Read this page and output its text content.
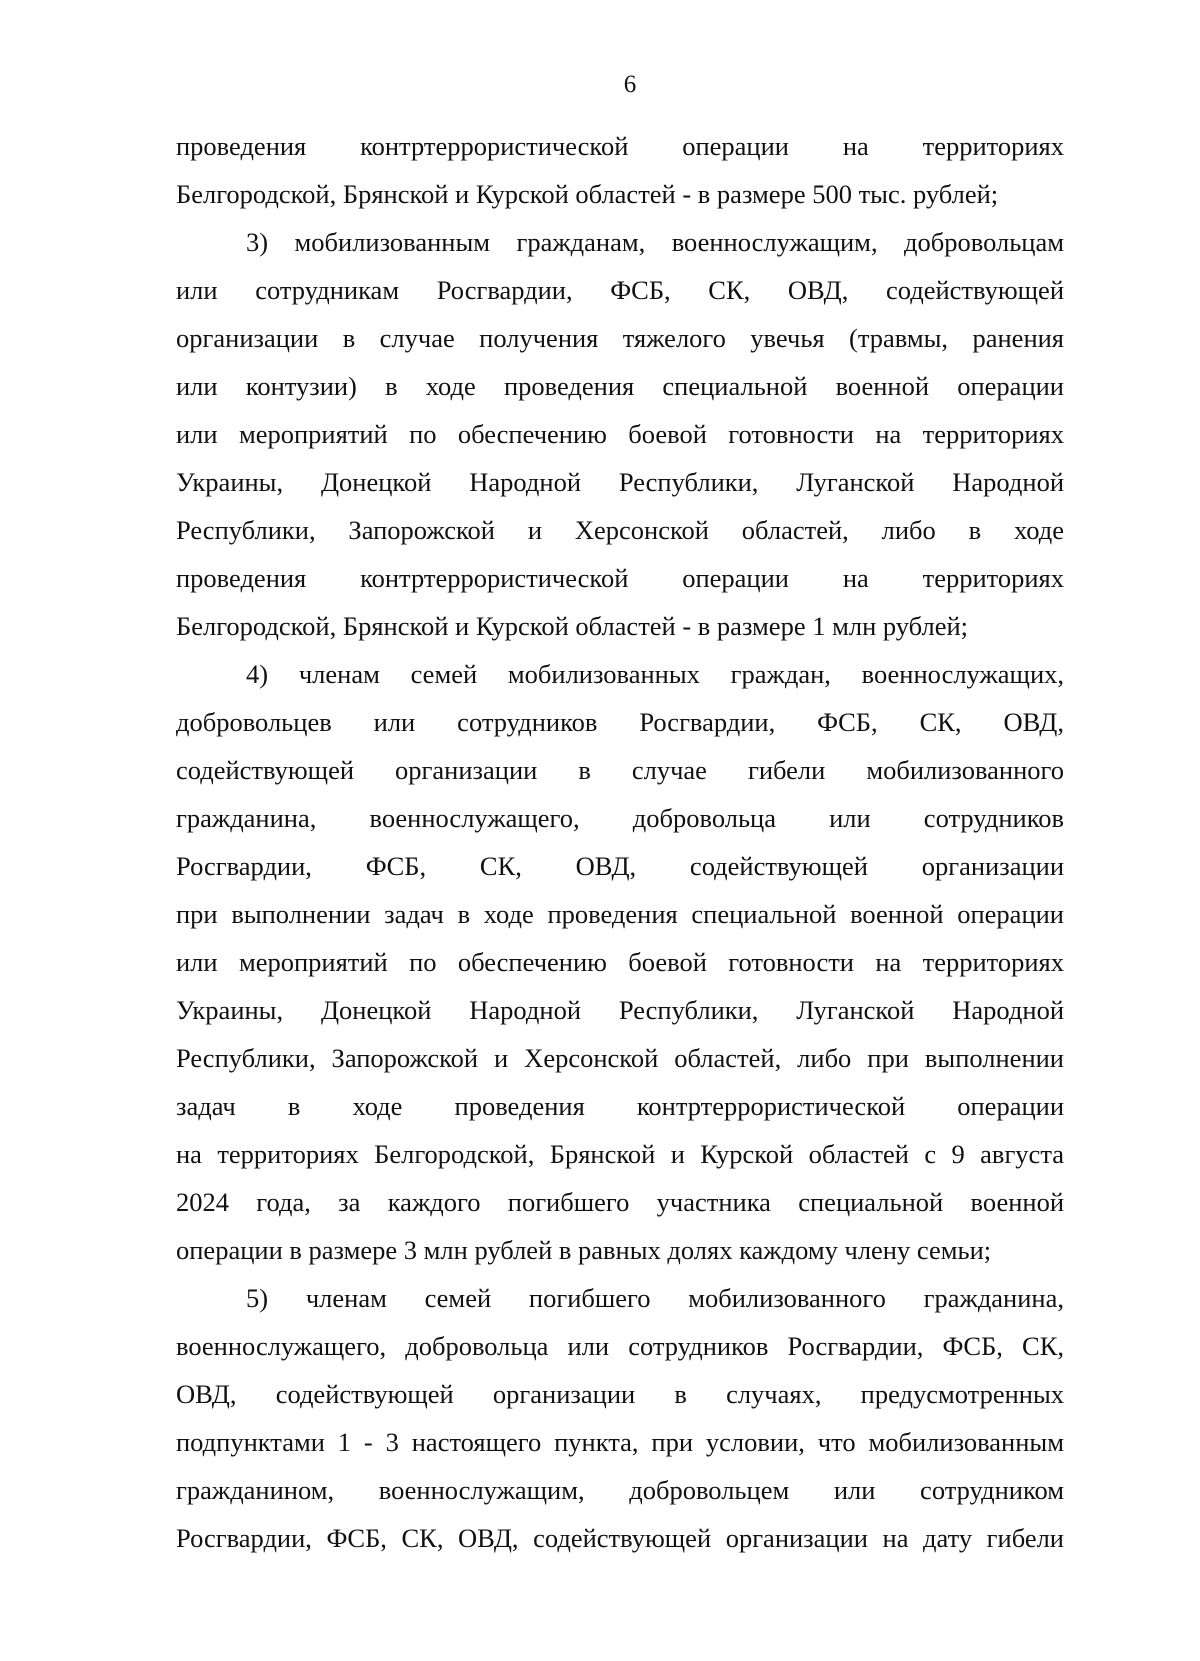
6
проведения контртеррористической операции на территориях
Белгородской, Брянской и Курской областей - в размере 500 тыс. рублей;
3) мобилизованным гражданам, военнослужащим, добровольцам
или сотрудникам Росгвардии, ФСБ, СК, ОВД, содействующей
организации в случае получения тяжелого увечья (травмы, ранения
или контузии) в ходе проведения специальной военной операции
или мероприятий по обеспечению боевой готовности на территориях
Украины, Донецкой Народной Республики, Луганской Народной
Республики, Запорожской и Херсонской областей, либо в ходе
проведения контртеррористической операции на территориях
Белгородской, Брянской и Курской областей - в размере 1 млн рублей;
4) членам семей мобилизованных граждан, военнослужащих,
добровольцев или сотрудников Росгвардии, ФСБ, СК, ОВД,
содействующей организации в случае гибели мобилизованного
гражданина, военнослужащего, добровольца или сотрудников
Росгвардии, ФСБ, СК, ОВД, содействующей организации
при выполнении задач в ходе проведения специальной военной операции
или мероприятий по обеспечению боевой готовности на территориях
Украины, Донецкой Народной Республики, Луганской Народной
Республики, Запорожской и Херсонской областей, либо при выполнении
задач в ходе проведения контртеррористической операции
на территориях Белгородской, Брянской и Курской областей с 9 августа
2024 года, за каждого погибшего участника специальной военной
операции в размере 3 млн рублей в равных долях каждому члену семьи;
5) членам семей погибшего мобилизованного гражданина,
военнослужащего, добровольца или сотрудников Росгвардии, ФСБ, СК,
ОВД, содействующей организации в случаях, предусмотренных
подпунктами 1 - 3 настоящего пункта, при условии, что мобилизованным
гражданином, военнослужащим, добровольцем или сотрудником
Росгвардии, ФСБ, СК, ОВД, содействующей организации на дату гибели
